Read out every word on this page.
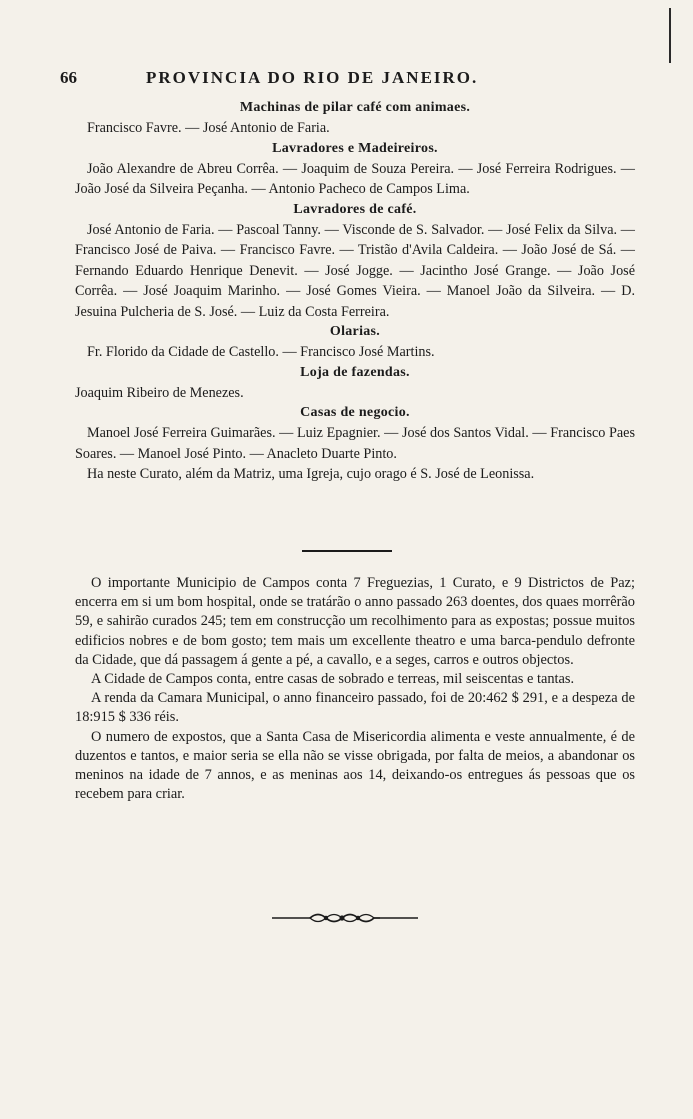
66	PROVINCIA DO RIO DE JANEIRO.
Machinas de pilar café com animaes.

Francisco Favre. — José Antonio de Faria.

Lavradores e Madeireiros.

João Alexandre de Abreu Corrêa. — Joaquim de Souza Pereira. — José Ferreira Rodrigues. — João José da Silveira Peçanha. — Antonio Pacheco de Campos Lima.

Lavradores de café.

José Antonio de Faria. — Pascoal Tanny. — Visconde de S. Salvador. — José Felix da Silva. — Francisco José de Paiva. — Francisco Favre. — Tristão d'Avila Caldeira. — João José de Sá. — Fernando Eduardo Henrique Denevit. — José Jogge. — Jacintho José Grange. — João José Corrêa. — José Joaquim Marinho. — José Gomes Vieira. — Manoel João da Silveira. — D. Jesuina Pulcheria de S. José. — Luiz da Costa Ferreira.

Olarias.

Fr. Florido da Cidade de Castello. — Francisco José Martins.

Loja de fazendas.

Joaquim Ribeiro de Menezes.

Casas de negocio.

Manoel José Ferreira Guimarães. — Luiz Epagnier. — José dos Santos Vidal. — Francisco Paes Soares. — Manoel José Pinto. — Anacleto Duarte Pinto.

Ha neste Curato, além da Matriz, uma Igreja, cujo orago é S. José de Leonissa.

O importante Municipio de Campos conta 7 Freguezias, 1 Curato, e 9 Districtos de Paz; encerra em si um bom hospital, onde se tratárão o anno passado 263 doentes, dos quaes morrêrão 59, e sahirão curados 245; tem em construcção um recolhimento para as expostas; possue muitos edificios nobres e de bom gosto; tem mais um excellente theatro e uma barca-pendulo defronte da Cidade, que dá passagem á gente a pé, a cavallo, e a seges, carros e outros objectos.

A Cidade de Campos conta, entre casas de sobrado e terreas, mil seiscentas e tantas.

A renda da Camara Municipal, o anno financeiro passado, foi de 20:462 $ 291, e a despeza de 18:915 $ 336 réis.

O numero de expostos, que a Santa Casa de Misericordia alimenta e veste annualmente, é de duzentos e tantos, e maior seria se ella não se visse obrigada, por falta de meios, a abandonar os meninos na idade de 7 annos, e as meninas aos 14, deixando-os entregues ás pessoas que os recebem para criar.
